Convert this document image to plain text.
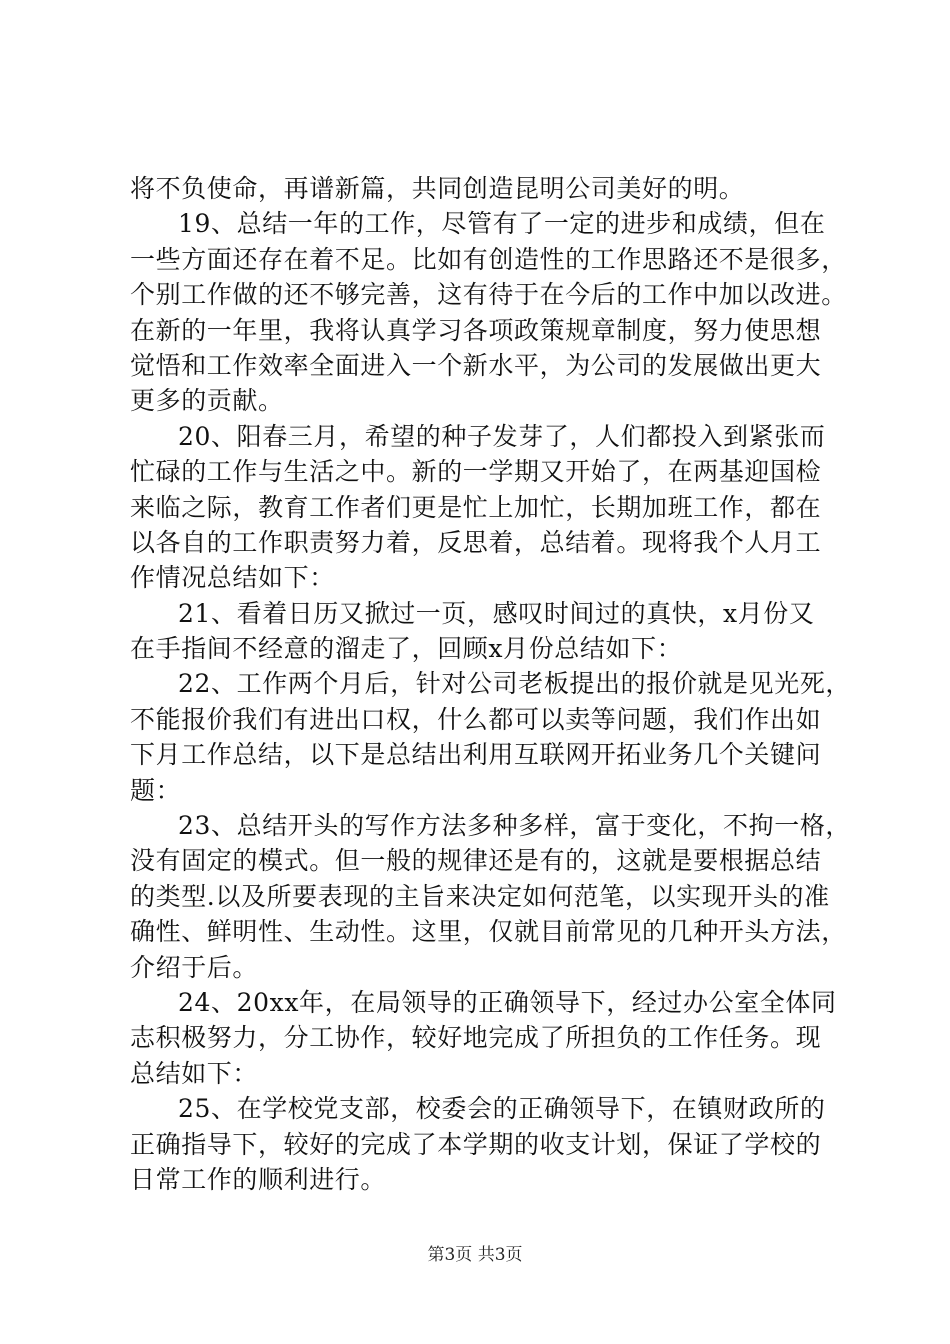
将不负使命，再谱新篇，共同创造昆明公司美好的明。
19、总结一年的工作，尽管有了一定的进步和成绩，但在
一些方面还存在着不足。比如有创造性的工作思路还不是很多，
个别工作做的还不够完善，这有待于在今后的工作中加以改进。
在新的一年里，我将认真学习各项政策规章制度，努力使思想
觉悟和工作效率全面进入一个新水平，为公司的发展做出更大
更多的贡献。
20、阳春三月，希望的种子发芽了，人们都投入到紧张而
忙碌的工作与生活之中。新的一学期又开始了，在两基迎国检
来临之际，教育工作者们更是忙上加忙，长期加班工作，都在
以各自的工作职责努力着，反思着，总结着。现将我个人月工
作情况总结如下：
21、看着日历又掀过一页，感叹时间过的真快，x月份又
在手指间不经意的溜走了，回顾x月份总结如下：
22、工作两个月后，针对公司老板提出的报价就是见光死，
不能报价我们有进出口权，什么都可以卖等问题，我们作出如
下月工作总结，以下是总结出利用互联网开拓业务几个关键问
题：
23、总结开头的写作方法多种多样，富于变化，不拘一格，
没有固定的模式。但一般的规律还是有的，这就是要根据总结
的类型.以及所要表现的主旨来决定如何范笔，以实现开头的准
确性、鲜明性、生动性。这里，仅就目前常见的几种开头方法，
介绍于后。
24、20xx年，在局领导的正确领导下，经过办公室全体同
志积极努力，分工协作，较好地完成了所担负的工作任务。现
总结如下：
25、在学校党支部，校委会的正确领导下，在镇财政所的
正确指导下，较好的完成了本学期的收支计划，保证了学校的
日常工作的顺利进行。
第3页 共3页
